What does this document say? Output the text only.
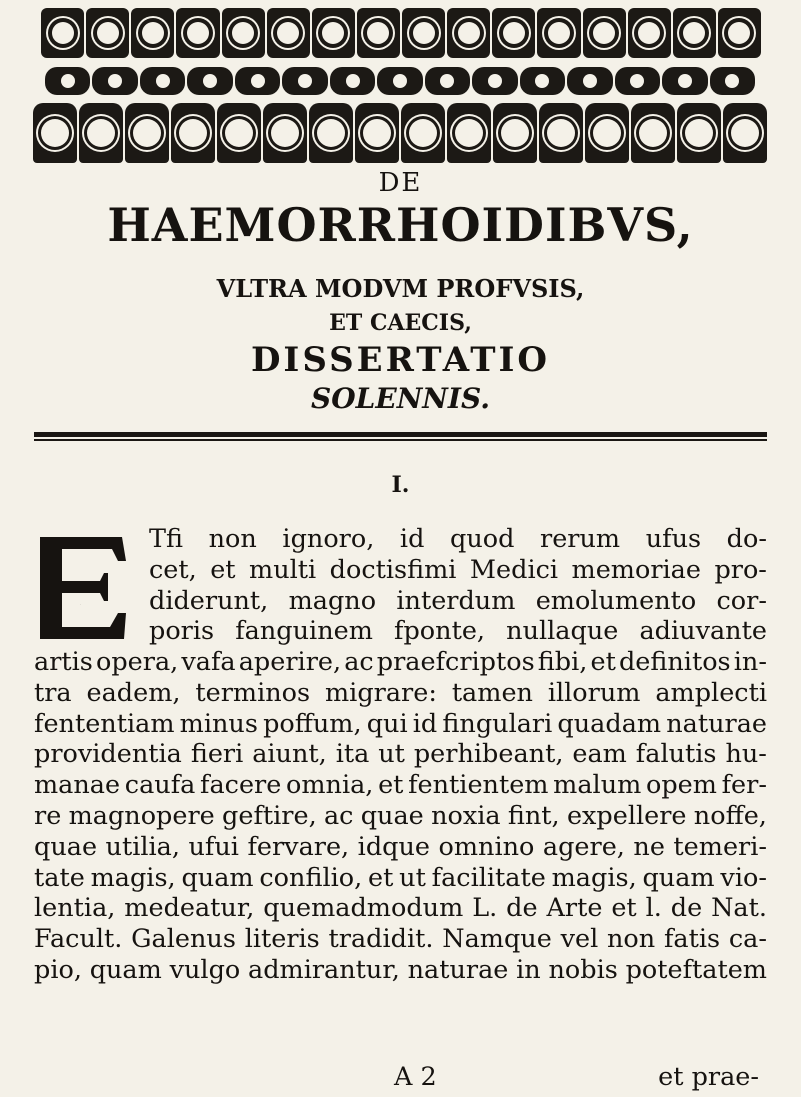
DE
HAEMORRHOIDIBVS,
VLTRA MODVM PROFVSIS,
ET CAECIS,
DISSERTATIO
SOLENNIS.
I.
E
Tfi non ignoro, id quod rerum ufus do-
cet, et multi doctisfimi Medici memoriae pro-
diderunt, magno interdum emolumento cor-
poris fanguinem fponte, nullaque adiuvante
artis opera, vafa aperire, ac praefcriptos fibi, et definitos in-
tra eadem, terminos migrare: tamen illorum amplecti
fententiam minus poffum, qui id fingulari quadam naturae
providentia fieri aiunt, ita ut perhibeant, eam falutis hu-
manae caufa facere omnia, et fentientem malum opem fer-
re magnopere geftire, ac quae noxia fint, expellere noffe,
quae utilia, ufui fervare, idque omnino agere, ne temeri-
tate magis, quam confilio, et ut facilitate magis, quam vio-
lentia, medeatur, quemadmodum L. de Arte et l. de Nat.
Facult. Galenus literis tradidit. Namque vel non fatis ca-
pio, quam vulgo admirantur, naturae in nobis poteftatem
A 2	et prae-
